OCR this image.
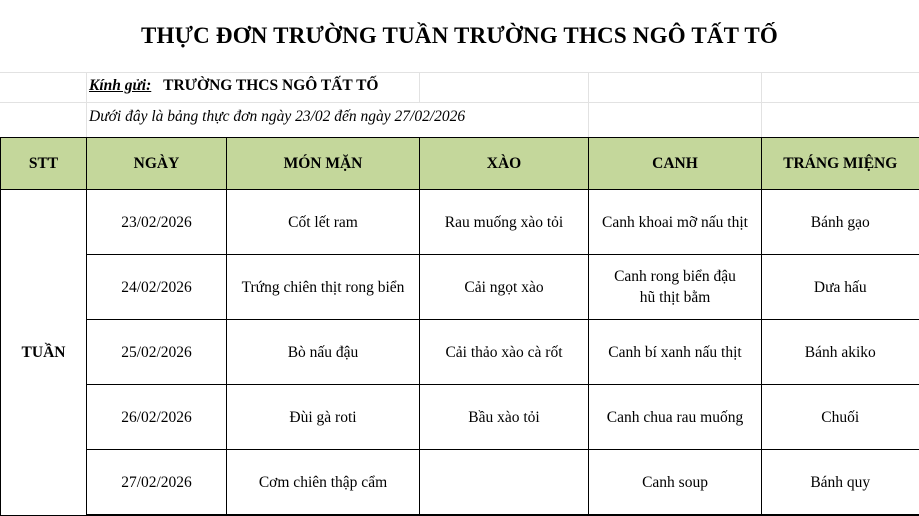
THỰC ĐƠN TRƯỜNG TUẦN TRƯỜNG THCS NGÔ TẤT TỐ
Kính gửi: TRƯỜNG THCS NGÔ TẤT TỐ
Dưới đây là bảng thực đơn ngày 23/02 đến ngày 27/02/2026
STT	NGÀY	MÓN MẶN	XÀO	CANH	TRÁNG MIỆNG
TUẦN	23/02/2026	Cốt lết ram	Rau muống xào tỏi	Canh khoai mỡ nấu thịt	Bánh gạo
	24/02/2026	Trứng chiên thịt rong biển	Cải ngọt xào	Canh rong biển đậu hũ thịt bằm	Dưa hấu
	25/02/2026	Bò nấu đậu	Cải thảo xào cà rốt	Canh bí xanh nấu thịt	Bánh akiko
	26/02/2026	Đùi gà roti	Bầu xào tỏi	Canh chua rau muống	Chuối
	27/02/2026	Cơm chiên thập cẩm		Canh soup	Bánh quy
